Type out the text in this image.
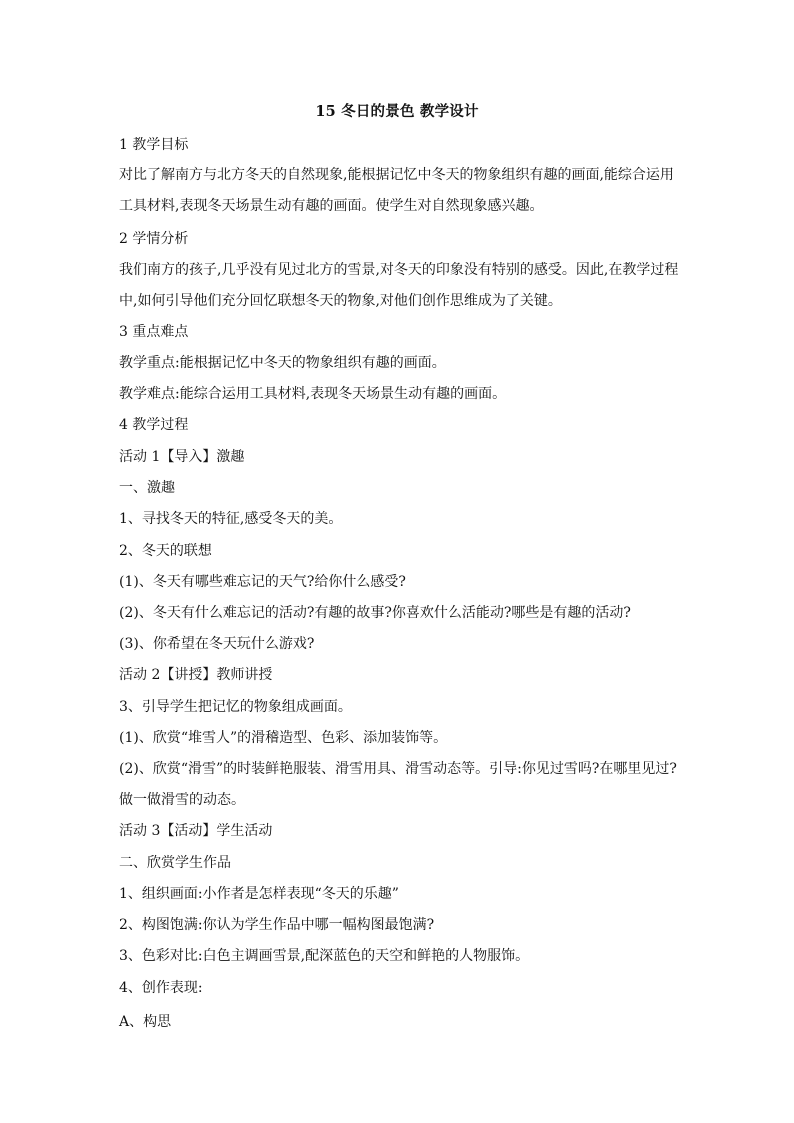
15 冬日的景色 教学设计
1 教学目标
对比了解南方与北方冬天的自然现象,能根据记忆中冬天的物象组织有趣的画面,能综合运用
工具材料,表现冬天场景生动有趣的画面。使学生对自然现象感兴趣。
2 学情分析
我们南方的孩子,几乎没有见过北方的雪景,对冬天的印象没有特别的感受。因此,在教学过程
中,如何引导他们充分回忆联想冬天的物象,对他们创作思维成为了关键。
3 重点难点
教学重点:能根据记忆中冬天的物象组织有趣的画面。
教学难点:能综合运用工具材料,表现冬天场景生动有趣的画面。
4 教学过程
活动 1【导入】激趣
一、激趣
1、寻找冬天的特征,感受冬天的美。
2、冬天的联想
(1)、冬天有哪些难忘记的天气?给你什么感受?
(2)、冬天有什么难忘记的活动?有趣的故事?你喜欢什么活能动?哪些是有趣的活动?
(3)、你希望在冬天玩什么游戏?
活动 2【讲授】教师讲授
3、引导学生把记忆的物象组成画面。
(1)、欣赏“堆雪人”的滑稽造型、色彩、添加装饰等。
(2)、欣赏“滑雪”的时装鲜艳服装、滑雪用具、滑雪动态等。引导:你见过雪吗?在哪里见过?
做一做滑雪的动态。
活动 3【活动】学生活动
二、欣赏学生作品
1、组织画面:小作者是怎样表现“冬天的乐趣”
2、构图饱满:你认为学生作品中哪一幅构图最饱满?
3、色彩对比:白色主调画雪景,配深蓝色的天空和鲜艳的人物服饰。
4、创作表现:
A、构思
